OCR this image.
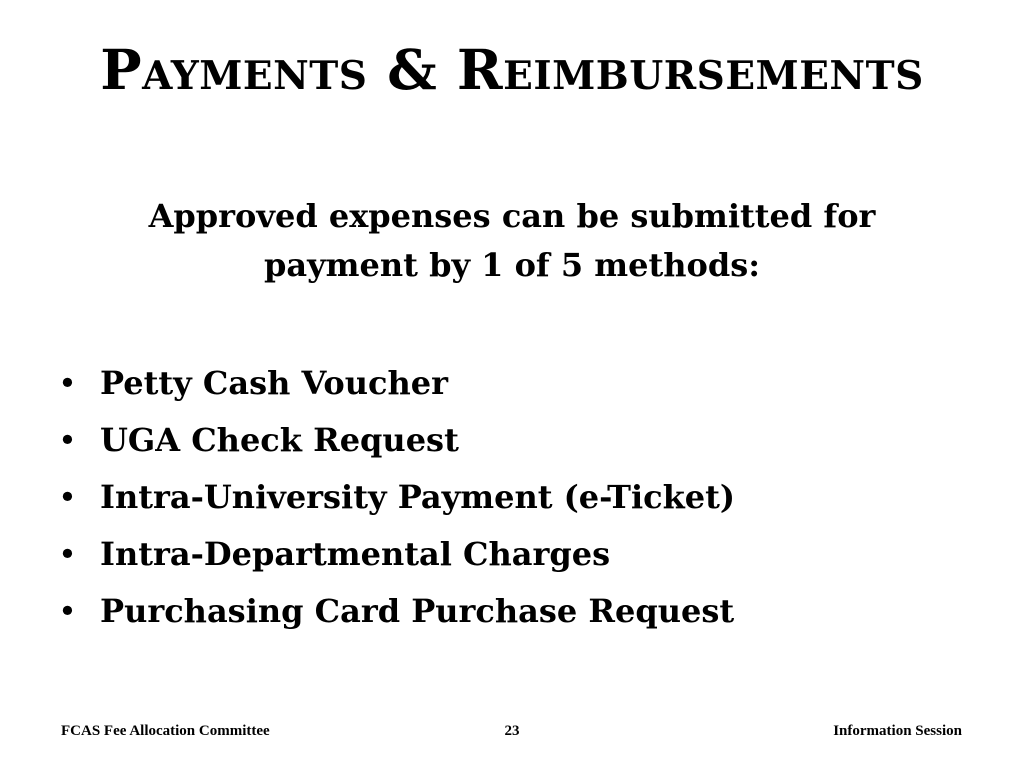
Payments & Reimbursements
Approved expenses can be submitted for payment by 1 of 5 methods:
• Petty Cash Voucher
• UGA Check Request
• Intra-University Payment (e-Ticket)
• Intra-Departmental Charges
• Purchasing Card Purchase Request
FCAS Fee Allocation Committee	23	Information Session
